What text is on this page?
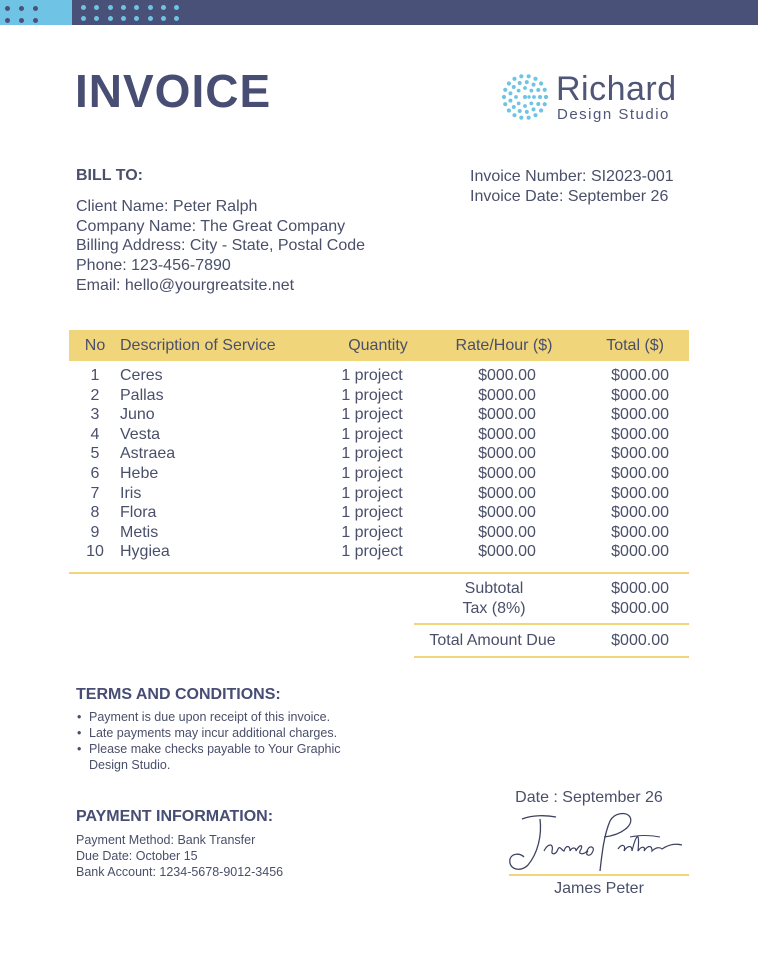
INVOICE	Richard
Design Studio
BILL TO:
Client Name: Peter Ralph
Company Name: The Great Company
Billing Address: City - State, Postal Code
Phone: 123-456-7890
Email: hello@yourgreatsite.net
Invoice Number: SI2023-001
Invoice Date: September 26
No Description of Service	Quantity	Rate/Hour ($)	Total ($)
1	Ceres	1 project	$000.00	$000.00
2	Pallas	1 project	$000.00	$000.00
3	Juno	1 project	$000.00	$000.00
4	Vesta	1 project	$000.00	$000.00
5	Astraea	1 project	$000.00	$000.00
6	Hebe	1 project	$000.00	$000.00
7	Iris	1 project	$000.00	$000.00
8	Flora	1 project	$000.00	$000.00
9	Metis	1 project	$000.00	$000.00
10 Hygiea	1 project	$000.00	$000.00
Subtotal	$000.00
Tax (8%)	$000.00
Total Amount Due	$000.00
TERMS AND CONDITIONS:
• Payment is due upon receipt of this invoice.
• Late payments may incur additional charges.
• Please make checks payable to Your Graphic Design Studio.
PAYMENT INFORMATION:
Payment Method: Bank Transfer
Due Date: October 15
Bank Account: 1234-5678-9012-3456
Date : September 26
James Peter
